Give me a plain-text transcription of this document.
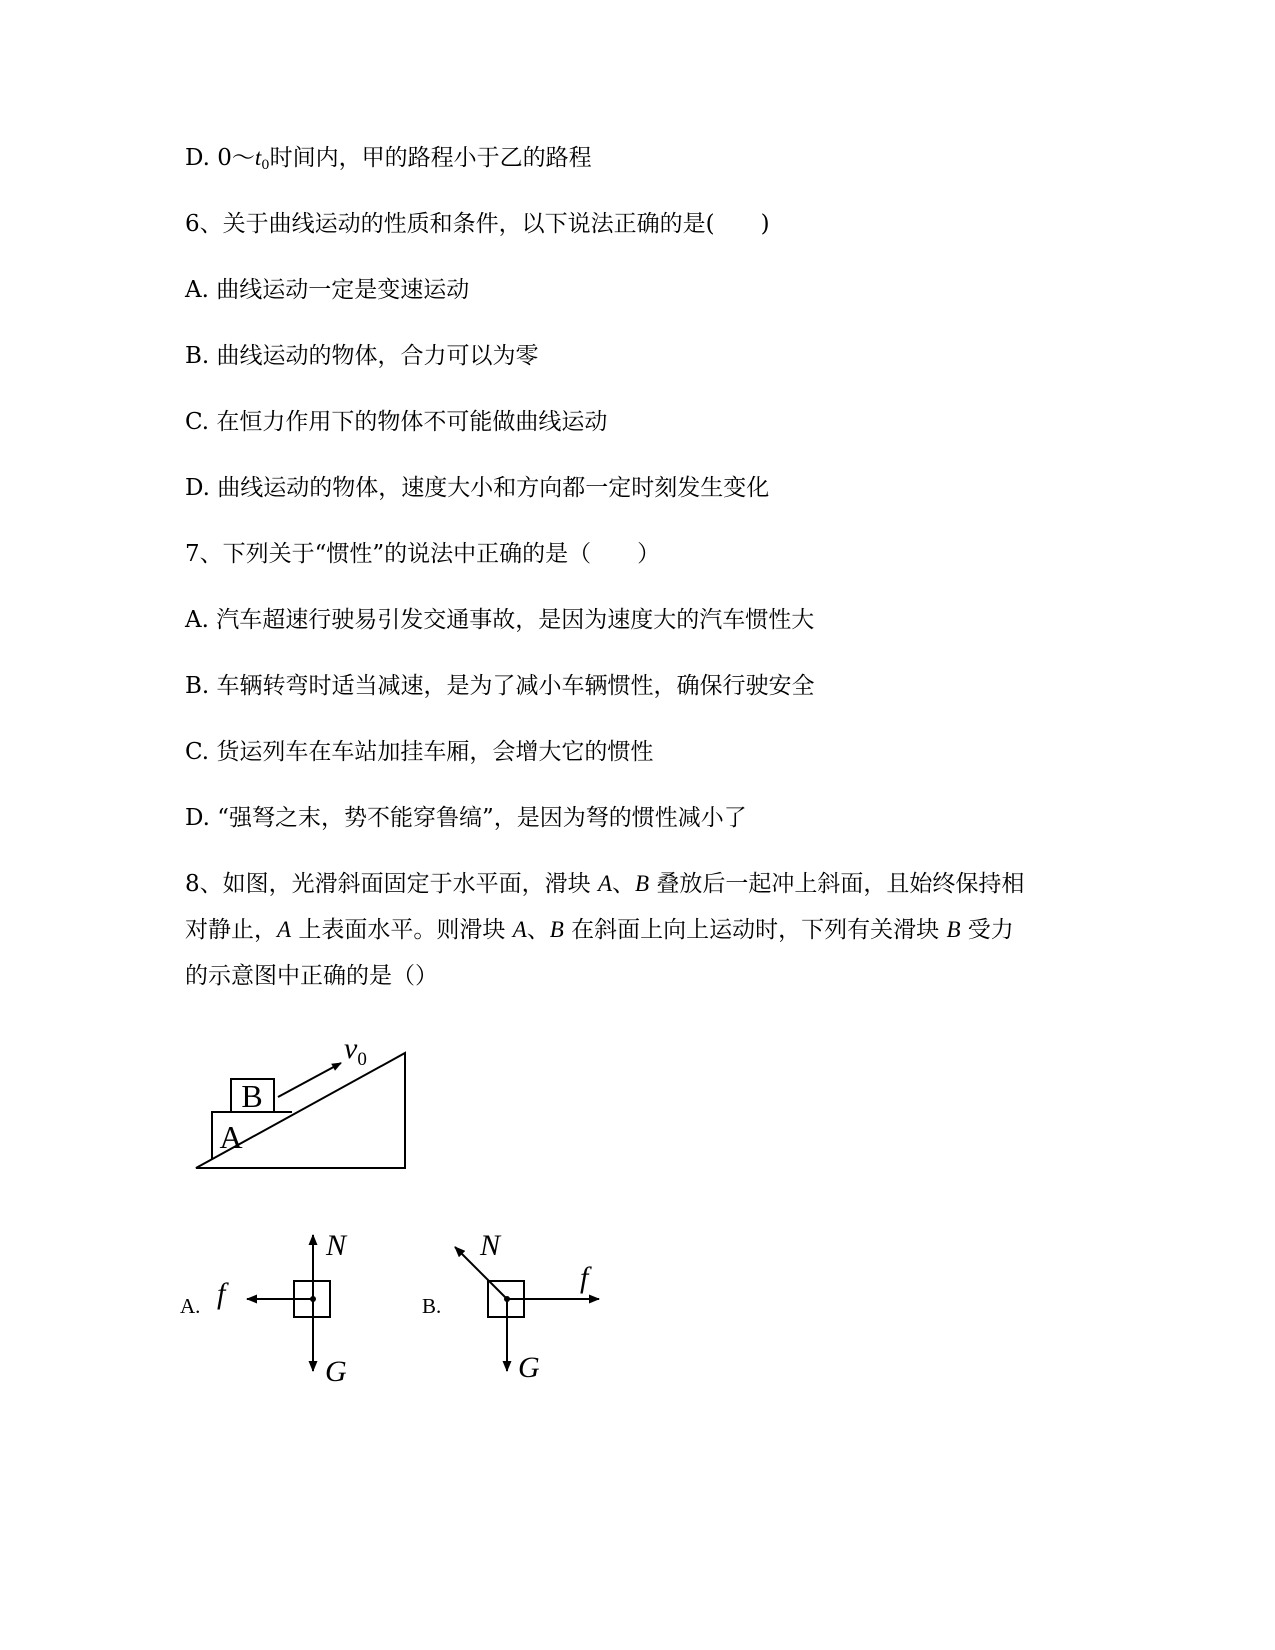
D. $0\sim t_0$时间内，甲的路程小于乙的路程
6、关于曲线运动的性质和条件，以下说法正确的是(　　)
A. 曲线运动一定是变速运动
B. 曲线运动的物体，合力可以为零
C. 在恒力作用下的物体不可能做曲线运动
D. 曲线运动的物体，速度大小和方向都一定时刻发生变化
7、下列关于“惯性”的说法中正确的是（　　）
A. 汽车超速行驶易引发交通事故，是因为速度大的汽车惯性大
B. 车辆转弯时适当减速，是为了减小车辆惯性，确保行驶安全
C. 货运列车在车站加挂车厢，会增大它的惯性
D. “强弩之末，势不能穿鲁缟”，是因为弩的惯性减小了
8、如图，光滑斜面固定于水平面，滑块 A、B 叠放后一起冲上斜面，且始终保持相
对静止，A 上表面水平。则滑块 A、B 在斜面上向上运动时，下列有关滑块 B 受力
的示意图中正确的是（）
B
A
$v_0$
A.
N
G
f	B.
N
G
f
